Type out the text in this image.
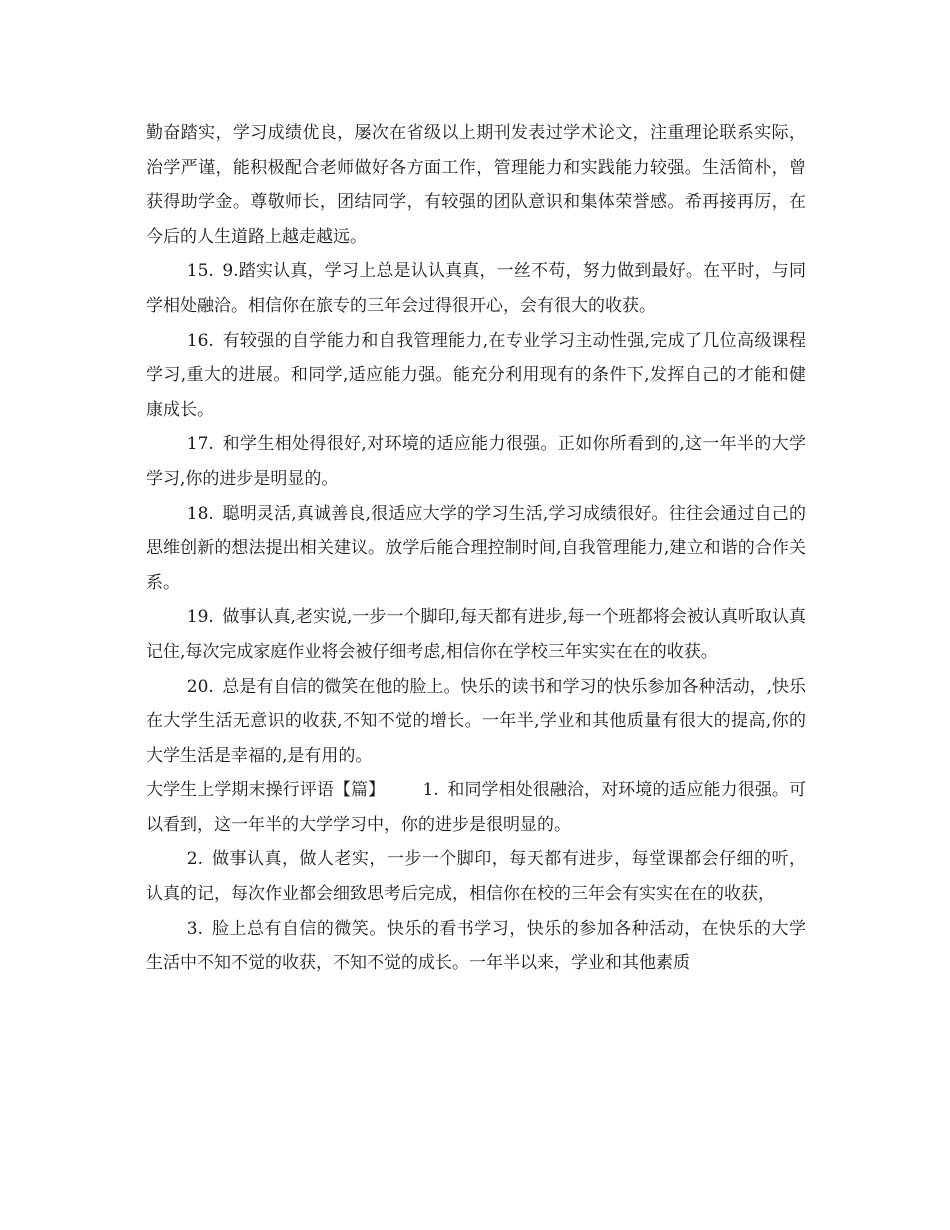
勤奋踏实，学习成绩优良，屡次在省级以上期刊发表过学术论文，注重理论联系实际，治学严谨，能积极配合老师做好各方面工作，管理能力和实践能力较强。生活简朴，曾获得助学金。尊敬师长，团结同学，有较强的团队意识和集体荣誉感。希再接再厉，在今后的人生道路上越走越远。

15. 9.踏实认真，学习上总是认认真真，一丝不苟，努力做到最好。在平时，与同学相处融洽。相信你在旅专的三年会过得很开心，会有很大的收获。

16. 有较强的自学能力和自我管理能力,在专业学习主动性强,完成了几位高级课程学习,重大的进展。和同学,适应能力强。能充分利用现有的条件下,发挥自己的才能和健康成长。

17. 和学生相处得很好,对环境的适应能力很强。正如你所看到的,这一年半的大学学习,你的进步是明显的。

18. 聪明灵活,真诚善良,很适应大学的学习生活,学习成绩很好。往往会通过自己的思维创新的想法提出相关建议。放学后能合理控制时间,自我管理能力,建立和谐的合作关系。

19. 做事认真,老实说,一步一个脚印,每天都有进步,每一个班都将会被认真听取认真记住,每次完成家庭作业将会被仔细考虑,相信你在学校三年实实在在的收获。

20. 总是有自信的微笑在他的脸上。快乐的读书和学习的快乐参加各种活动，,快乐在大学生活无意识的收获,不知不觉的增长。一年半,学业和其他质量有很大的提高,你的大学生活是幸福的,是有用的。

大学生上学期末操行评语【篇】 1. 和同学相处很融洽，对环境的适应能力很强。可以看到，这一年半的大学学习中，你的进步是很明显的。

2. 做事认真，做人老实，一步一个脚印，每天都有进步，每堂课都会仔细的听，认真的记，每次作业都会细致思考后完成，相信你在校的三年会有实实在在的收获，

3. 脸上总有自信的微笑。快乐的看书学习，快乐的参加各种活动，在快乐的大学生活中不知不觉的收获，不知不觉的成长。一年半以来，学业和其他素质
